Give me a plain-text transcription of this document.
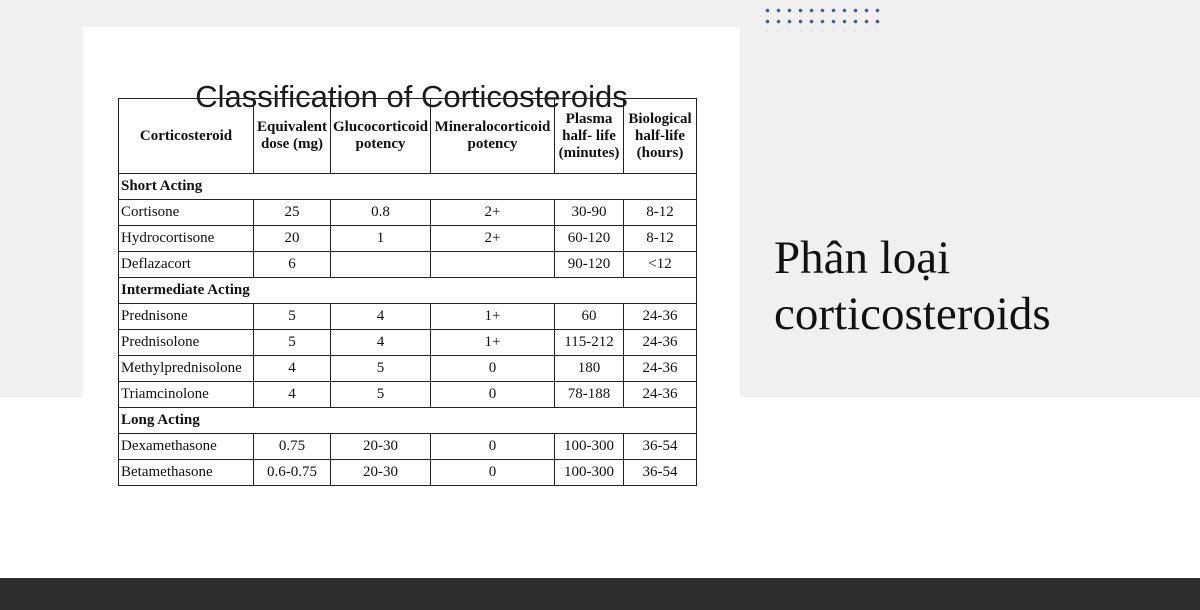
Classification of Corticosteroids
Corticosteroid	Equivalent dose (mg)	Glucocorticoid potency	Mineralocorticoid potency	Plasma half- life (minutes)	Biological half-life (hours)
Short Acting					
Cortisone	25	0.8	2+	30-90	8-12
Hydrocortisone	20	1	2+	60-120	8-12
Deflazacort	6			90-120	<12
Intermediate Acting					
Prednisone	5	4	1+	60	24-36
Prednisolone	5	4	1+	115-212	24-36
Methylprednisolone	4	5	0	180	24-36
Triamcinolone	4	5	0	78-188	24-36
Long Acting					
Dexamethasone	0.75	20-30	0	100-300	36-54
Betamethasone	0.6-0.75	20-30	0	100-300	36-54
Phân loại
corticosteroids
